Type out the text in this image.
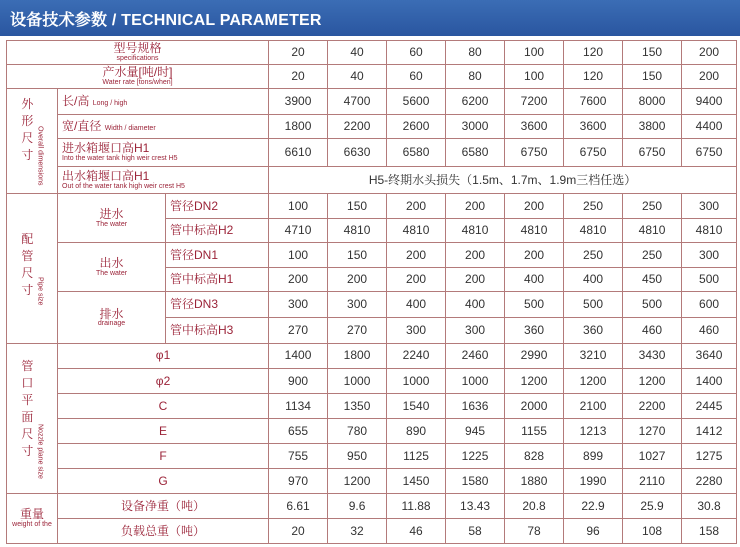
设备技术参数 / TECHNICAL PARAMETER
型号规格
specifications			20	40	60	80	100	120	150	200
产水量[吨/时]
Water rate [tons/when]			20	40	60	80	100	120	150	200
外形尺寸 Overall dimensions	长/高 Long / high		3900	4700	5600	6200	7200	7600	8000	9400
	宽/直径 Width / diameter		1800	2200	2600	3000	3600	3600	3800	4400
	进水箱堰口高H1
Into the water tank high weir crest H5		6610	6630	6580	6580	6750	6750	6750	6750
	出水箱堰口高H1
Out of the water tank high weir crest H5		H5-终期水头损失（1.5m、1.7m、1.9m三档任选）							
配管尺寸 Pipe size	进水
The water	管径DN2	100	150	200	200	200	250	250	300
		管中标高H2	4710	4810	4810	4810	4810	4810	4810	4810
	出水
The water	管径DN1	100	150	200	200	200	250	250	300
		管中标高H1	200	200	200	200	400	400	450	500
	排水
drainage	管径DN3	300	300	400	400	500	500	500	600
		管中标高H3	270	270	300	300	360	360	460	460
管口平面尺寸 Nozzle plane size	φ1		1400	1800	2240	2460	2990	3210	3430	3640
	φ2		900	1000	1000	1000	1200	1200	1200	1400
	C		1134	1350	1540	1636	2000	2100	2200	2445
	E		655	780	890	945	1155	1213	1270	1412
	F		755	950	1125	1225	828	899	1027	1275
	G		970	1200	1450	1580	1880	1990	2110	2280
重量
weight of the	设备净重（吨）		6.61	9.6	11.88	13.43	20.8	22.9	25.9	30.8
	负载总重（吨）		20	32	46	58	78	96	108	158
